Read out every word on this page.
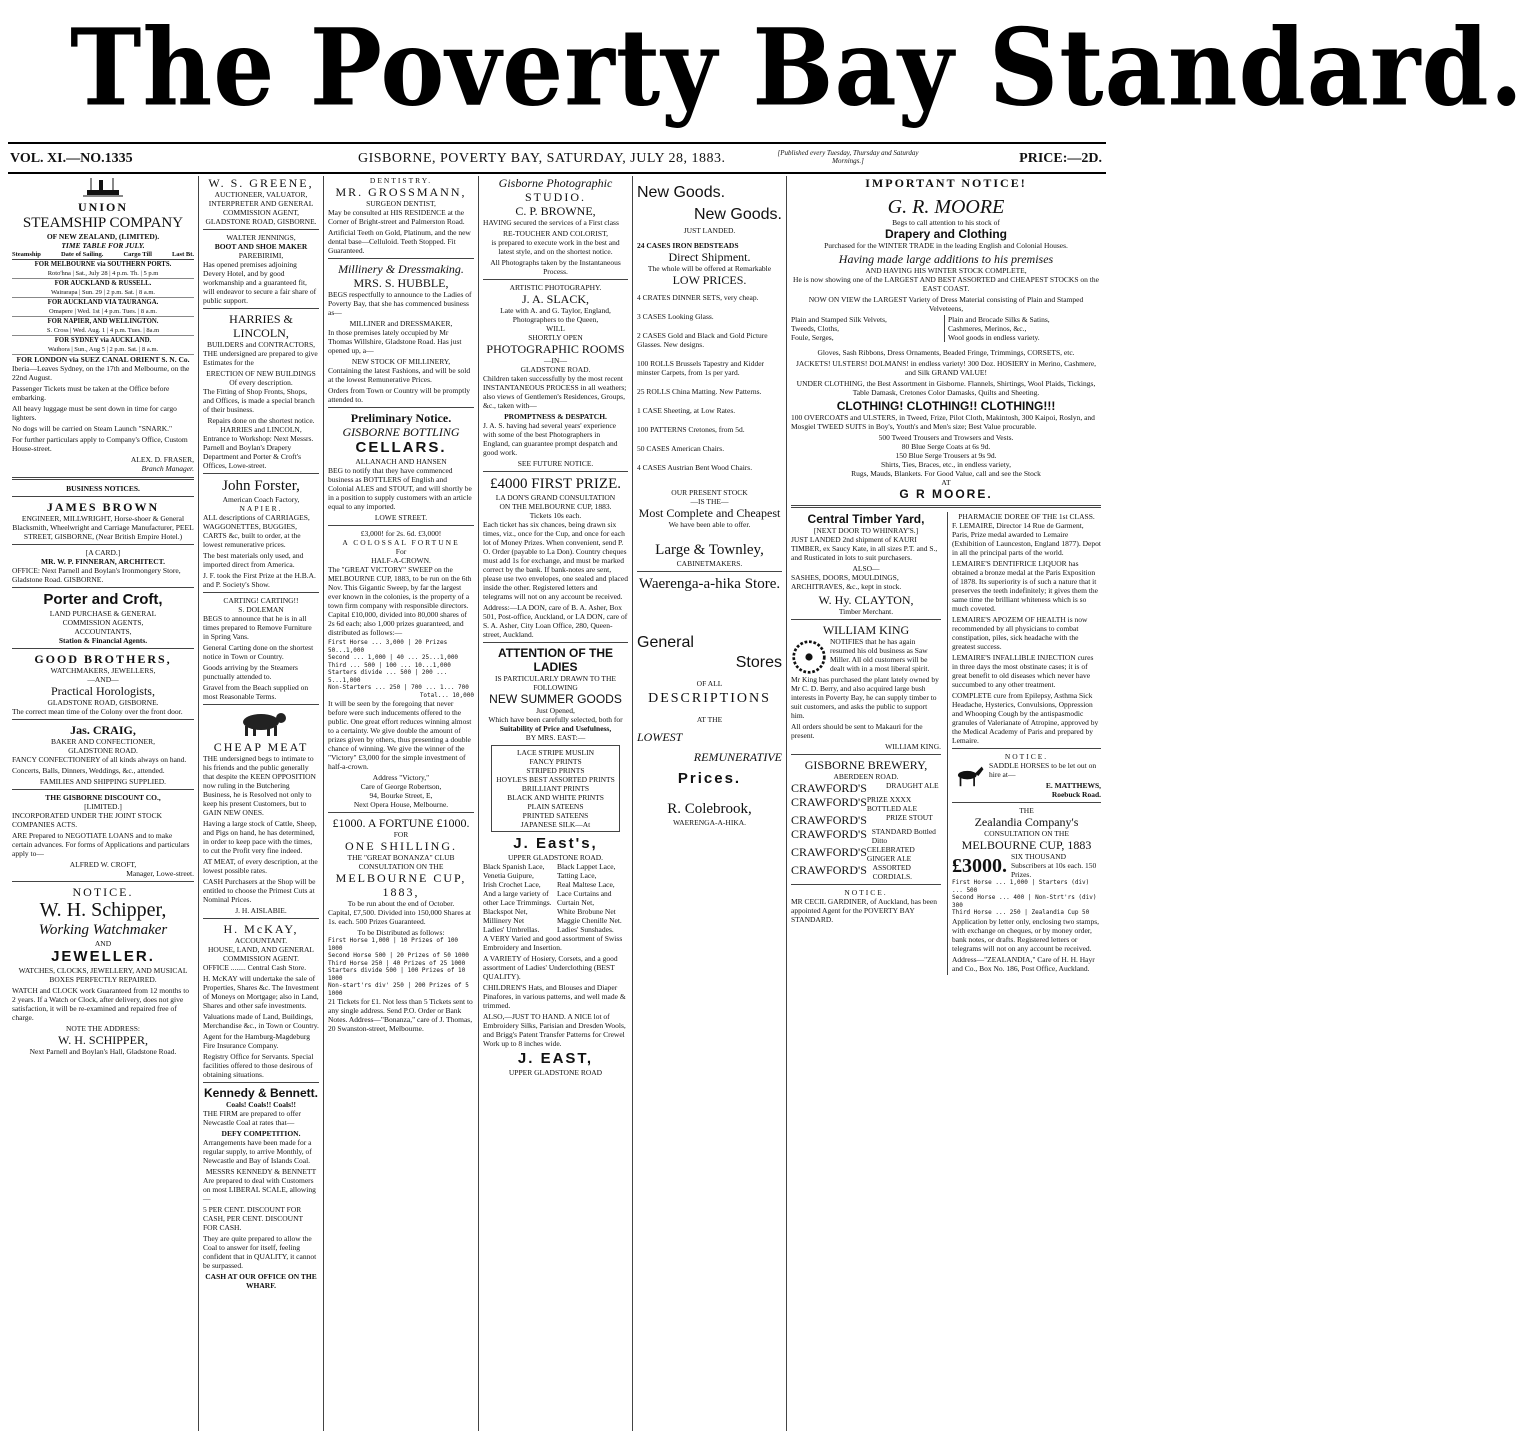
The Poverty Bay Standard.
VOL. XI.—NO.1335	GISBORNE, POVERTY BAY, SATURDAY, JULY 28, 1883.	[Published every Tuesday, Thursday and Saturday Mornings.]	PRICE:—2D.
UNION
STEAMSHIP COMPANY
OF NEW ZEALAND, (LIMITED).
TIME TABLE FOR JULY.
Steamship	Date of Sailing.	Cargo Till	Last Bt.
FOR MELBOURNE via SOUTHERN PORTS.
Roto'hna | Sat., July 28 | 4 p.m. Th. | 5 p.m
FOR AUCKLAND & RUSSELL.
Wairarapa | Sun. 29 | 2 p.m. Sat. | 8 a.m.
FOR AUCKLAND VIA TAURANGA.
Omapere | Wed. 1st | 4 p.m. Tues. | 8 a.m.
FOR NAPIER, AND WELLINGTON.
S. Cross | Wed. Aug. 1 | 4 p.m. Tues. | 8a.m
FOR SYDNEY via AUCKLAND.
Waihora | Sun., Aug 5 | 2 p.m. Sat. | 8 a.m.
FOR LONDON via SUEZ CANAL ORIENT S. N. Co.

Iberia—Leaves Sydney, on the 17th and Melbourne, on the 22nd August.

Passenger Tickets must be taken at the Office before embarking.

All heavy luggage must be sent down in time for cargo lighters.

No dogs will be carried on Steam Launch "SNARK."

For further particulars apply to Company's Office, Custom House-street.

ALEX. D. FRASER,
Branch Manager.
BUSINESS NOTICES.
JAMES BROWN

ENGINEER, MILLWRIGHT, Horse-shoer & General Blacksmith, Wheelwright and Carriage Manufacturer, PEEL STREET, GISBORNE, (Near British Empire Hotel.)

[A CARD.]
MR. W. P. FINNERAN, ARCHITECT.

OFFICE: Next Parnell and Boylan's Ironmongery Store, Gladstone Road. GISBORNE.

Porter and Croft,
LAND PURCHASE & GENERAL
COMMISSION AGENTS,
ACCOUNTANTS,
Station & Financial Agents.
GOOD BROTHERS,
WATCHMAKERS, JEWELLERS,
—AND—
Practical Horologists,
GLADSTONE ROAD, GISBORNE.

The correct mean time of the Colony over the front door.

Jas. CRAIG,
BAKER AND CONFECTIONER,
GLADSTONE ROAD.

FANCY CONFECTIONERY of all kinds always on hand.

Concerts, Balls, Dinners, Weddings, &c., attended.

FAMILIES AND SHIPPING SUPPLIED.
THE GISBORNE DISCOUNT CO.,
[LIMITED.]

INCORPORATED UNDER THE JOINT STOCK COMPANIES ACTS.

ARE Prepared to NEGOTIATE LOANS and to make certain advances. For forms of Applications and particulars apply to—

ALFRED W. CROFT,
Manager, Lowe-street.
NOTICE.
W. H. Schipper,
Working Watchmaker
AND
JEWELLER.

WATCHES, CLOCKS, JEWELLERY, AND MUSICAL BOXES PERFECTLY REPAIRED.

WATCH and CLOCK work Guaranteed from 12 months to 2 years. If a Watch or Clock, after delivery, does not give satisfaction, it will be re-examined and repaired free of charge.

NOTE THE ADDRESS:
W. H. SCHIPPER,
Next Parnell and Boylan's Hall, Gladstone Road.
W. S. GREENE,
AUCTIONEER, VALUATOR,
INTERPRETER AND GENERAL COMMISSION AGENT,
GLADSTONE ROAD, GISBORNE.
WALTER JENNINGS,
BOOT AND SHOE MAKER
PAREBIRIMI,

Has opened premises adjoining Devery Hotel, and by good workmanship and a guaranteed fit, will endeavor to secure a fair share of public support.

HARRIES & LINCOLN,
BUILDERS and CONTRACTORS,

THE undersigned are prepared to give Estimates for the

ERECTION OF NEW BUILDINGS
Of every description.

The Fitting of Shop Fronts, Shops, and Offices, is made a special branch of their business.

Repairs done on the shortest notice.
HARRIES and LINCOLN,

Entrance to Workshop: Next Messrs. Parnell and Boylan's Drapery Department and Porter & Croft's Offices, Lowe-street.

John Forster,
American Coach Factory,
NAPIER.

ALL descriptions of CARRIAGES, WAGGONETTES, BUGGIES, CARTS &c, built to order, at the lowest remunerative prices.

The best materials only used, and imported direct from America.

J. F. took the First Prize at the H.B.A. and P. Society's Show.

CARTING! CARTING!!
S. DOLEMAN

BEGS to announce that he is in all times prepared to Remove Furniture in Spring Vans.

General Carting done on the shortest notice in Town or Country.

Goods arriving by the Steamers punctually attended to.

Gravel from the Beach supplied on most Reasonable Terms.

CHEAP MEAT

THE undersigned begs to intimate to his friends and the public generally that despite the KEEN OPPOSITION now ruling in the Butchering Business, he is Resolved not only to keep his present Customers, but to GAIN NEW ONES.

Having a large stock of Cattle, Sheep, and Pigs on hand, he has determined, in order to keep pace with the times, to cut the Profit very fine indeed.

AT MEAT, of every description, at the lowest possible rates.

CASH Purchasers at the Shop will be entitled to choose the Primest Cuts at Nominal Prices.

J. H. AISLABIE.
H. McKAY,
ACCOUNTANT.
HOUSE, LAND, AND GENERAL COMMISSION AGENT.

OFFICE ........ Central Cash Store.

H. McKAY will undertake the sale of Properties, Shares &c. The Investment of Moneys on Mortgage; also in Land, Shares and other safe investments.

Valuations made of Land, Buildings, Merchandise &c., in Town or Country.

Agent for the Hamburg-Magdeburg Fire Insurance Company.

Registry Office for Servants. Special facilities offered to those desirous of obtaining situations.

Kennedy & Bennett.
Coals! Coals!! Coals!!

THE FIRM are prepared to offer Newcastle Coal at rates that—

DEFY COMPETITION.

Arrangements have been made for a regular supply, to arrive Monthly, of Newcastle and Bay of Islands Coal.

MESSRS KENNEDY & BENNETT

Are prepared to deal with Customers on most LIBERAL SCALE, allowing—

5 PER CENT. DISCOUNT FOR CASH, PER CENT. DISCOUNT FOR CASH.

They are quite prepared to allow the Coal to answer for itself, feeling confident that in QUALITY, it cannot be surpassed.

CASH AT OUR OFFICE ON THE WHARF.
DENTISTRY.
MR. GROSSMANN,
SURGEON DENTIST,

May be consulted at HIS RESIDENCE at the Corner of Bright-street and Palmerston Road.

Artificial Teeth on Gold, Platinum, and the new dental base—Celluloid. Teeth Stopped. Fit Guaranteed.

Millinery & Dressmaking.
MRS. S. HUBBLE,

BEGS respectfully to announce to the Ladies of Poverty Bay, that she has commenced business as—

MILLINER and DRESSMAKER,

In those premises lately occupied by Mr Thomas Willshire, Gladstone Road. Has just opened up, a—

NEW STOCK OF MILLINERY,

Containing the latest Fashions, and will be sold at the lowest Remunerative Prices.

Orders from Town or Country will be promptly attended to.

Preliminary Notice.
GISBORNE BOTTLING
CELLARS.
ALLANACH AND HANSEN

BEG to notify that they have commenced business as BOTTLERS of English and Colonial ALES and STOUT, and will shortly be in a position to supply customers with an article equal to any imported.

LOWE STREET.
£3,000! for 2s. 6d. £3,000!
A COLOSSAL FORTUNE
For
HALF-A-CROWN.

The "GREAT VICTORY" SWEEP on the MELBOURNE CUP, 1883, to be run on the 6th Nov. This Gigantic Sweep, by far the largest ever known in the colonies, is the property of a town firm company with responsible directors. Capital £10,000, divided into 80,000 shares of 2s 6d each; also 1,000 prizes guaranteed, and distributed as follows:—

First Horse ... 3,000 | 20 Prizes 50...1,000
Second ... 1,000 | 40 ... 25...1,000
Third ... 500 | 100 ... 10...1,000
Starters divide ... 500 | 200 ... 5...1,000
Non-Starters ... 250 | 700 ... 1... 700
Total... 10,000

It will be seen by the foregoing that never before were such inducements offered to the public. One great effort reduces winning almost to a certainty. We give double the amount of prizes given by others, thus presenting a double chance of winning. We give the winner of the "Victory" £3,000 for the simple investment of half-a-crown.

Address "Victory,"
Care of George Robertson,
94, Bourke Street, E,
Next Opera House, Melbourne.
£1000. A FORTUNE £1000.
FOR
ONE SHILLING.
THE "GREAT BONANZA" CLUB CONSULTATION ON THE
MELBOURNE CUP, 1883,
To be run about the end of October.

Capital, £7,500. Divided into 150,000 Shares at 1s. each. 500 Prizes Guaranteed.

To be Distributed as follows:
First Horse 1,000 | 10 Prizes of 100 1000
Second Horse 500 | 20 Prizes of 50 1000
Third Horse 250 | 40 Prizes of 25 1000
Starters divide 500 | 100 Prizes of 10 1000
Non-start'rs div' 250 | 200 Prizes of 5 1000

21 Tickets for £1. Not less than 5 Tickets sent to any single address. Send P.O. Order or Bank Notes. Address—"Bonanza," care of J. Thomas, 20 Swanston-street, Melbourne.

Gisborne Photographic
STUDIO.
C. P. BROWNE,

HAVING secured the services of a First class

RE-TOUCHER AND COLORIST,

is prepared to execute work in the best and latest style, and on the shortest notice.

All Photographs taken by the Instantaneous Process.

ARTISTIC PHOTOGRAPHY.
J. A. SLACK,
Late with A. and G. Taylor, England, Photographers to the Queen,
WILL
SHORTLY OPEN
PHOTOGRAPHIC ROOMS
—IN—
GLADSTONE ROAD.

Children taken successfully by the most recent INSTANTANEOUS PROCESS in all weathers; also views of Gentlemen's Residences, Groups, &c., taken with—

PROMPTNESS & DESPATCH.

J. A. S. having had several years' experience with some of the best Photographers in England, can guarantee prompt despatch and good work.

SEE FUTURE NOTICE.
£4000 FIRST PRIZE.
LA DON'S GRAND CONSULTATION
ON THE MELBOURNE CUP, 1883.
Tickets 10s each.

Each ticket has six chances, being drawn six times, viz., once for the Cup, and once for each lot of Money Prizes. When convenient, send P. O. Order (payable to La Don). Country cheques must add 1s for exchange, and must be marked correct by the bank. If bank-notes are sent, please use two envelopes, one sealed and placed inside the other. Registered letters and telegrams will not on any account be received.

Address:—LA DON, care of B. A. Asher, Box 501, Post-office, Auckland, or LA DON, care of S. A. Asher, City Loan Office, 280, Queen-street, Auckland.

ATTENTION OF THE LADIES
IS PARTICULARLY DRAWN TO THE FOLLOWING
NEW SUMMER GOODS
Just Opened,
Which have been carefully selected, both for
Suitability of Price and Usefulness,
BY MRS. EAST:—
LACE STRIPE MUSLIN
FANCY PRINTS
STRIPED PRINTS
HOYLE'S BEST ASSORTED PRINTS
BRILLIANT PRINTS
BLACK AND WHITE PRINTS
PLAIN SATEENS
PRINTED SATEENS
JAPANESE SILK—At
J. East's,
UPPER GLADSTONE ROAD.
Black Spanish Lace,
Venetia Guipure,
Irish Crochet Lace,
And a large variety of other Lace Trimmings.
Blackspot Net,
Millinery Net
Ladies' Umbrellas.
Black Lappet Lace,
Tatting Lace,
Real Maltese Lace,
Lace Curtains and Curtain Net,
White Brobune Net
Maggie Chenille Net.
Ladies' Sunshades.

A VERY Varied and good assortment of Swiss Embroidery and Insertion.

A VARIETY of Hosiery, Corsets, and a good assortment of Ladies' Underclothing (BEST QUALITY).

CHILDREN'S Hats, and Blouses and Diaper Pinafores, in various patterns, and well made & trimmed.

ALSO,—JUST TO HAND. A NICE lot of Embroidery Silks, Parisian and Dresden Wools, and Brigg's Patent Transfer Patterns for Crewel Work up to 8 inches wide.

J. EAST,
UPPER GLADSTONE ROAD
New Goods.
New Goods.
JUST LANDED.
24 CASES IRON BEDSTEADS
Direct Shipment.
The whole will be offered at Remarkable
LOW PRICES.
4 CRATES DINNER SETS, very cheap.
3 CASES Looking Glass.
2 CASES Gold and Black and Gold Picture Glasses. New designs.
100 ROLLS Brussels Tapestry and Kidder minster Carpets, from 1s per yard.
25 ROLLS China Matting. New Patterns.
1 CASE Sheeting, at Low Rates.
100 PATTERNS Cretones, from 5d.
50 CASES American Chairs.
4 CASES Austrian Bent Wood Chairs.
OUR PRESENT STOCK
—IS THE—
Most Complete and Cheapest
We have been able to offer.
Large & Townley,
CABINETMAKERS.
Waerenga-a-hika Store.
General
Stores
OF ALL
DESCRIPTIONS
AT THE
LOWEST
REMUNERATIVE
Prices.
R. Colebrook,
WAERENGA-A-HIKA.
IMPORTANT NOTICE!
G. R. MOORE
Begs to call attention to his stock of
Drapery and Clothing

Purchased for the WINTER TRADE in the leading English and Colonial Houses.

Having made large additions to his premises
AND HAVING HIS WINTER STOCK COMPLETE,

He is now showing one of the LARGEST AND BEST ASSORTED and CHEAPEST STOCKS on the EAST COAST.

NOW ON VIEW the LARGEST Variety of Dress Material consisting of Plain and Stamped Velveteens,

Plain and Stamped Silk Velvets,
Tweeds, Cloths,
Foule, Serges,
Plain and Brocade Silks & Satins,
Cashmeres, Merinos, &c.,
Wool goods in endless variety.

Gloves, Sash Ribbons, Dress Ornaments, Beaded Fringe, Trimmings, CORSETS, etc.

JACKETS! ULSTERS! DOLMANS! in endless variety! 300 Doz. HOSIERY in Merino, Cashmere, and Silk GRAND VALUE!

UNDER CLOTHING, the Best Assortment in Gisborne. Flannels, Shirtings, Wool Plaids, Tickings, Table Damask, Cretones Color Damasks, Quilts and Sheeting.

CLOTHING! CLOTHING!! CLOTHING!!!

100 OVERCOATS and ULSTERS, in Tweed, Frize, Pilot Cloth, Makintosh, 300 Kaipoi, Roslyn, and Mosgiel TWEED SUITS in Boy's, Youth's and Men's size; Best Value procurable.

500 Tweed Trousers and Trowsers and Vests.
80 Blue Serge Coats at 6s 9d.
150 Blue Serge Trousers at 9s 9d.
Shirts, Ties, Braces, etc., in endless variety,
Rugs, Mauds, Blankets. For Good Value, call and see the Stock
AT
G R MOORE.
Central Timber Yard,
[NEXT DOOR TO WHINRAY'S.]

JUST LANDED 2nd shipment of KAURI TIMBER, ex Saucy Kate, in all sizes P.T. and S., and Rusticated in lots to suit purchasers.

ALSO—

SASHES, DOORS, MOULDINGS, ARCHITRAVES, &c., kept in stock.

W. Hy. CLAYTON,
Timber Merchant.
WILLIAM KING

NOTIFIES that he has again resumed his old business as Saw Miller. All old customers will be dealt with in a most liberal spirit.

Mr King has purchased the plant lately owned by Mr C. D. Berry, and also acquired large bush interests in Poverty Bay, he can supply timber to suit customers, and asks the public to support him.

All orders should be sent to Makauri for the present.

WILLIAM KING.
GISBORNE BREWERY,
ABERDEEN ROAD.
CRAWFORD'S	DRAUGHT ALE
CRAWFORD'S PRIZE XXXX BOTTLED ALE
CRAWFORD'S	PRIZE STOUT
CRAWFORD'S STANDARD Bottled Ditto
CRAWFORD'S CELEBRATED GINGER ALE
CRAWFORD'S ASSORTED CORDIALS.
NOTICE.

MR CECIL GARDINER, of Auckland, has been appointed Agent for the POVERTY BAY STANDARD.

PHARMACIE DOREE OF THE 1st CLASS.

F. LEMAIRE, Director 14 Rue de Garment, Paris, Prize medal awarded to Lemaire (Exhibition of Launceston, England 1877). Depot in all the principal parts of the world.

LEMAIRE'S DENTIFRICE LIQUOR has obtained a bronze medal at the Paris Exposition of 1878. Its superiority is of such a nature that it preserves the teeth indefinitely; it gives them the same time the brilliant whiteness which is so much coveted.

LEMAIRE'S APOZEM OF HEALTH is now recommended by all physicians to combat constipation, piles, sick headache with the greatest success.

LEMAIRE'S INFALLIBLE INJECTION cures in three days the most obstinate cases; it is of great benefit to old diseases which never have succumbed to any other treatment.

COMPLETE cure from Epilepsy, Asthma Sick Headache, Hysterics, Convulsions, Oppression and Whooping Cough by the antispasmodic granules of Valerianate of Atropine, approved by the Medical Academy of Paris and prepared by Lemaire.

NOTICE.

SADDLE HORSES to be let out on hire at—

E. MATTHEWS,
Roebuck Road.
THE
Zealandia Company's
CONSULTATION ON THE
MELBOURNE CUP, 1883
£3000. SIX THOUSAND Subscribers at 10s each. 150 Prizes.
First Horse ... 1,000 | Starters (div) ... 500
Second Horse ... 400 | Non-Strt'rs (div) 300
Third Horse ... 250 | Zealandia Cup 50

Application by letter only, enclosing two stamps, with exchange on cheques, or by money order, bank notes, or drafts. Registered letters or telegrams will not on any account be received.

Address—"ZEALANDIA," Care of H. H. Hayr and Co., Box No. 186, Post Office, Auckland.
